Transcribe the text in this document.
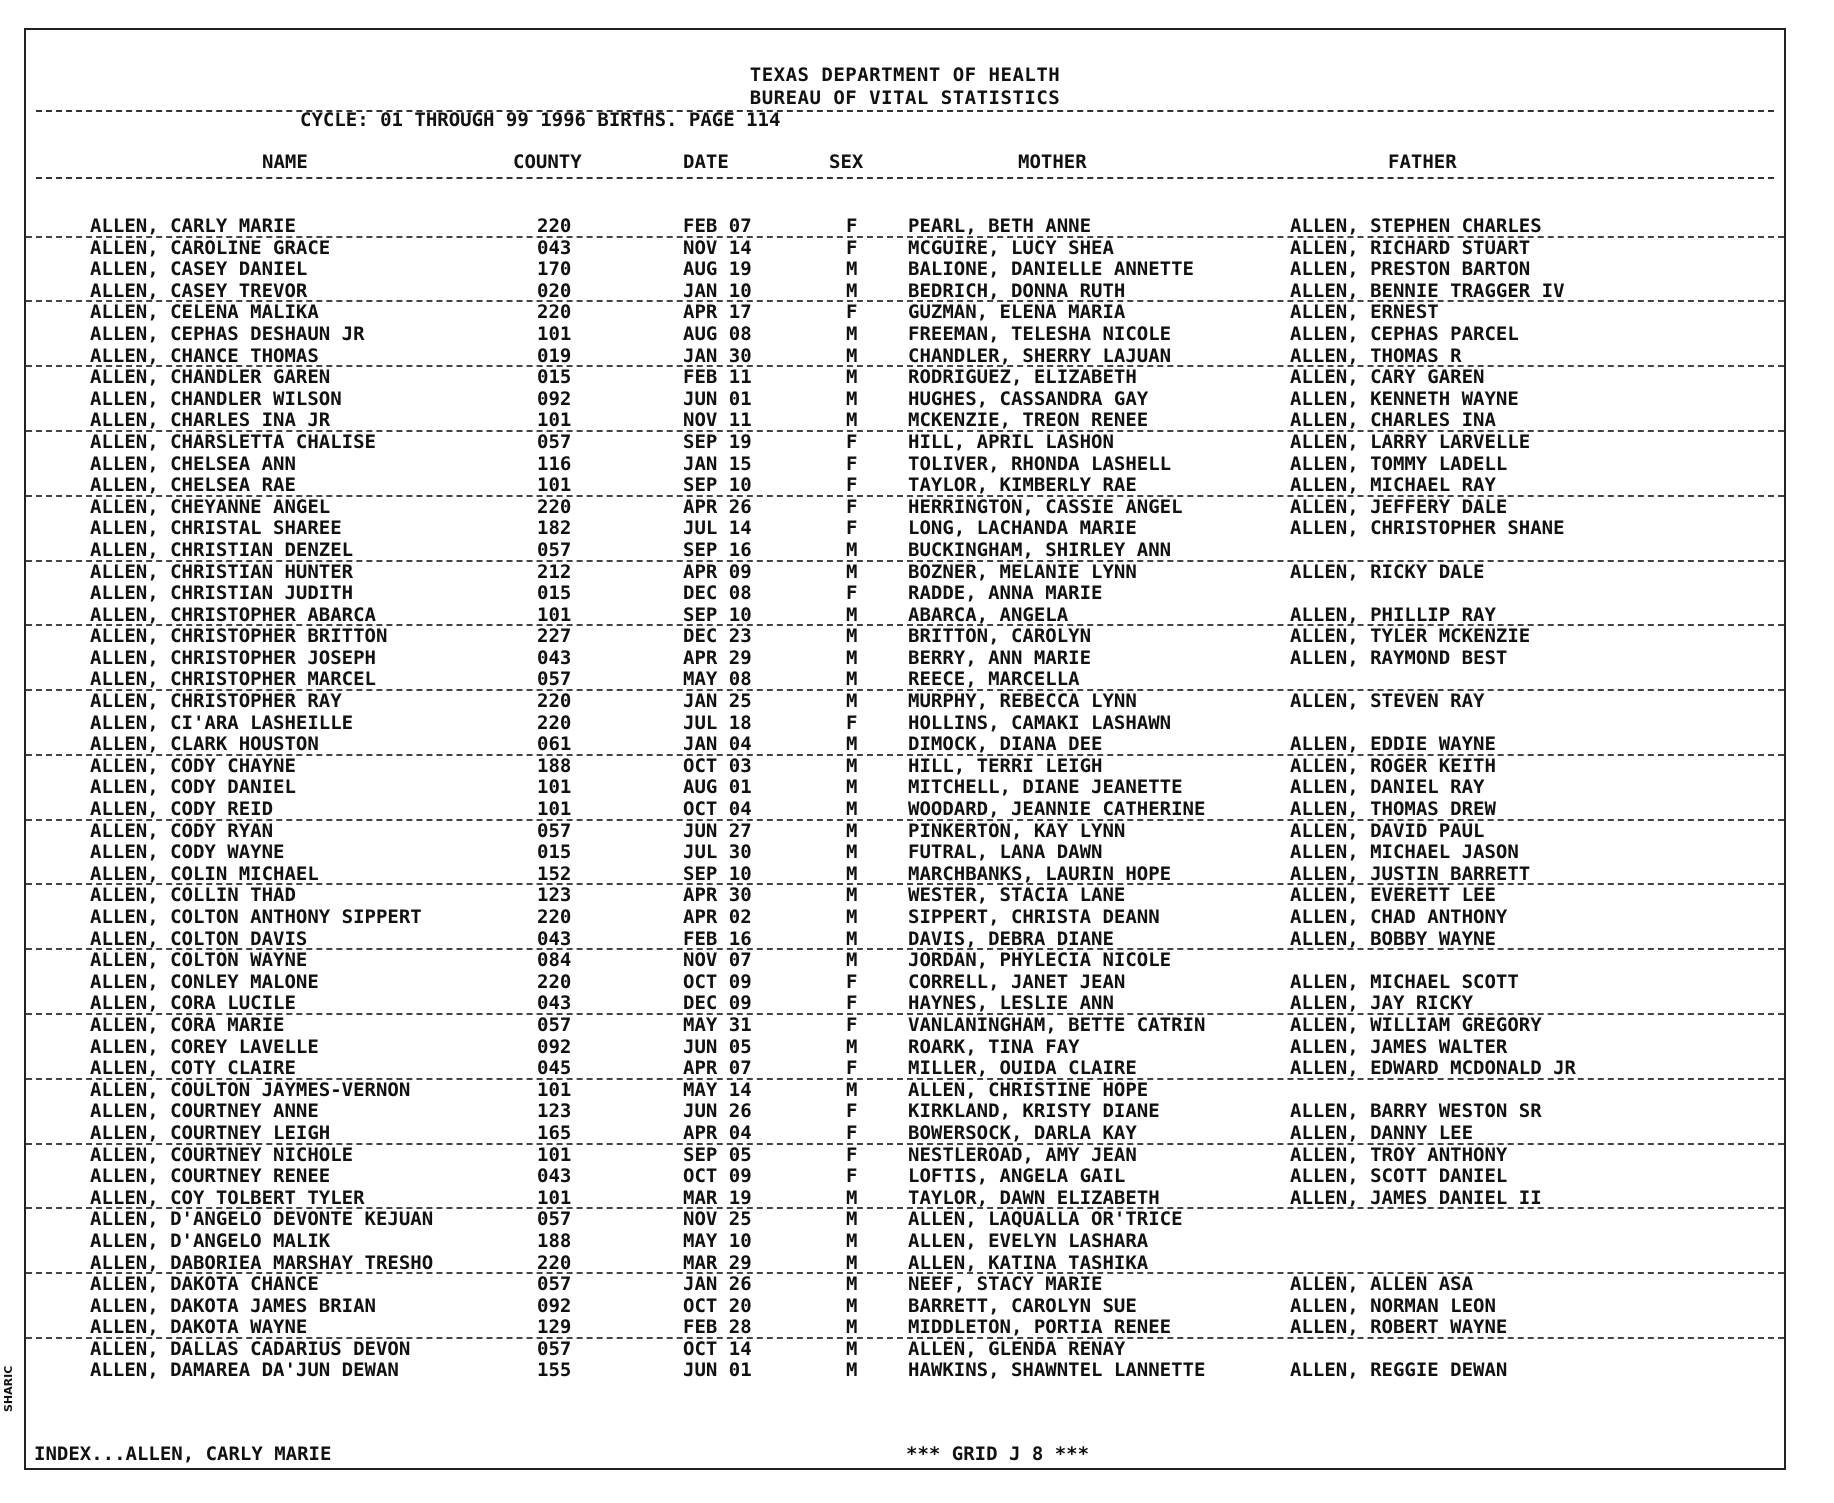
TEXAS DEPARTMENT OF HEALTH
BUREAU OF VITAL STATISTICS
CYCLE: 01 THROUGH 99 1996 BIRTHS. PAGE 114
NAME	COUNTY	DATE	SEX	MOTHER	FATHER
ALLEN, CARLY MARIE	220	FEB 07	F	PEARL, BETH ANNE	ALLEN, STEPHEN CHARLES
ALLEN, CAROLINE GRACE	043	NOV 14	F	MCGUIRE, LUCY SHEA	ALLEN, RICHARD STUART
ALLEN, CASEY DANIEL	170	AUG 19	M	BALIONE, DANIELLE ANNETTE	ALLEN, PRESTON BARTON
ALLEN, CASEY TREVOR	020	JAN 10	M	BEDRICH, DONNA RUTH	ALLEN, BENNIE TRAGGER IV
ALLEN, CELENA MALIKA	220	APR 17	F	GUZMAN, ELENA MARIA	ALLEN, ERNEST
ALLEN, CEPHAS DESHAUN JR	101	AUG 08	M	FREEMAN, TELESHA NICOLE	ALLEN, CEPHAS PARCEL
ALLEN, CHANCE THOMAS	019	JAN 30	M	CHANDLER, SHERRY LAJUAN	ALLEN, THOMAS R
ALLEN, CHANDLER GAREN	015	FEB 11	M	RODRIGUEZ, ELIZABETH	ALLEN, CARY GAREN
ALLEN, CHANDLER WILSON	092	JUN 01	M	HUGHES, CASSANDRA GAY	ALLEN, KENNETH WAYNE
ALLEN, CHARLES INA JR	101	NOV 11	M	MCKENZIE, TREON RENEE	ALLEN, CHARLES INA
ALLEN, CHARSLETTA CHALISE	057	SEP 19	F	HILL, APRIL LASHON	ALLEN, LARRY LARVELLE
ALLEN, CHELSEA ANN	116	JAN 15	F	TOLIVER, RHONDA LASHELL	ALLEN, TOMMY LADELL
ALLEN, CHELSEA RAE	101	SEP 10	F	TAYLOR, KIMBERLY RAE	ALLEN, MICHAEL RAY
ALLEN, CHEYANNE ANGEL	220	APR 26	F	HERRINGTON, CASSIE ANGEL	ALLEN, JEFFERY DALE
ALLEN, CHRISTAL SHAREE	182	JUL 14	F	LONG, LACHANDA MARIE	ALLEN, CHRISTOPHER SHANE
ALLEN, CHRISTIAN DENZEL	057	SEP 16	M	BUCKINGHAM, SHIRLEY ANN
ALLEN, CHRISTIAN HUNTER	212	APR 09	M	BOZNER, MELANIE LYNN	ALLEN, RICKY DALE
ALLEN, CHRISTIAN JUDITH	015	DEC 08	F	RADDE, ANNA MARIE
ALLEN, CHRISTOPHER ABARCA	101	SEP 10	M	ABARCA, ANGELA	ALLEN, PHILLIP RAY
ALLEN, CHRISTOPHER BRITTON	227	DEC 23	M	BRITTON, CAROLYN	ALLEN, TYLER MCKENZIE
ALLEN, CHRISTOPHER JOSEPH	043	APR 29	M	BERRY, ANN MARIE	ALLEN, RAYMOND BEST
ALLEN, CHRISTOPHER MARCEL	057	MAY 08	M	REECE, MARCELLA
ALLEN, CHRISTOPHER RAY	220	JAN 25	M	MURPHY, REBECCA LYNN	ALLEN, STEVEN RAY
ALLEN, CI'ARA LASHEILLE	220	JUL 18	F	HOLLINS, CAMAKI LASHAWN
ALLEN, CLARK HOUSTON	061	JAN 04	M	DIMOCK, DIANA DEE	ALLEN, EDDIE WAYNE
ALLEN, CODY CHAYNE	188	OCT 03	M	HILL, TERRI LEIGH	ALLEN, ROGER KEITH
ALLEN, CODY DANIEL	101	AUG 01	M	MITCHELL, DIANE JEANETTE	ALLEN, DANIEL RAY
ALLEN, CODY REID	101	OCT 04	M	WOODARD, JEANNIE CATHERINE	ALLEN, THOMAS DREW
ALLEN, CODY RYAN	057	JUN 27	M	PINKERTON, KAY LYNN	ALLEN, DAVID PAUL
ALLEN, CODY WAYNE	015	JUL 30	M	FUTRAL, LANA DAWN	ALLEN, MICHAEL JASON
ALLEN, COLIN MICHAEL	152	SEP 10	M	MARCHBANKS, LAURIN HOPE	ALLEN, JUSTIN BARRETT
ALLEN, COLLIN THAD	123	APR 30	M	WESTER, STACIA LANE	ALLEN, EVERETT LEE
ALLEN, COLTON ANTHONY SIPPERT	220	APR 02	M	SIPPERT, CHRISTA DEANN	ALLEN, CHAD ANTHONY
ALLEN, COLTON DAVIS	043	FEB 16	M	DAVIS, DEBRA DIANE	ALLEN, BOBBY WAYNE
ALLEN, COLTON WAYNE	084	NOV 07	M	JORDAN, PHYLECIA NICOLE
ALLEN, CONLEY MALONE	220	OCT 09	F	CORRELL, JANET JEAN	ALLEN, MICHAEL SCOTT
ALLEN, CORA LUCILE	043	DEC 09	F	HAYNES, LESLIE ANN	ALLEN, JAY RICKY
ALLEN, CORA MARIE	057	MAY 31	F	VANLANINGHAM, BETTE CATRIN	ALLEN, WILLIAM GREGORY
ALLEN, COREY LAVELLE	092	JUN 05	M	ROARK, TINA FAY	ALLEN, JAMES WALTER
ALLEN, COTY CLAIRE	045	APR 07	F	MILLER, OUIDA CLAIRE	ALLEN, EDWARD MCDONALD JR
ALLEN, COULTON JAYMES-VERNON	101	MAY 14	M	ALLEN, CHRISTINE HOPE
ALLEN, COURTNEY ANNE	123	JUN 26	F	KIRKLAND, KRISTY DIANE	ALLEN, BARRY WESTON SR
ALLEN, COURTNEY LEIGH	165	APR 04	F	BOWERSOCK, DARLA KAY	ALLEN, DANNY LEE
ALLEN, COURTNEY NICHOLE	101	SEP 05	F	NESTLEROAD, AMY JEAN	ALLEN, TROY ANTHONY
ALLEN, COURTNEY RENEE	043	OCT 09	F	LOFTIS, ANGELA GAIL	ALLEN, SCOTT DANIEL
ALLEN, COY TOLBERT TYLER	101	MAR 19	M	TAYLOR, DAWN ELIZABETH	ALLEN, JAMES DANIEL II
ALLEN, D'ANGELO DEVONTE KEJUAN	057	NOV 25	M	ALLEN, LAQUALLA OR'TRICE
ALLEN, D'ANGELO MALIK	188	MAY 10	M	ALLEN, EVELYN LASHARA
ALLEN, DABORIEA MARSHAY TRESHO	220	MAR 29	M	ALLEN, KATINA TASHIKA
ALLEN, DAKOTA CHANCE	057	JAN 26	M	NEEF, STACY MARIE	ALLEN, ALLEN ASA
ALLEN, DAKOTA JAMES BRIAN	092	OCT 20	M	BARRETT, CAROLYN SUE	ALLEN, NORMAN LEON
ALLEN, DAKOTA WAYNE	129	FEB 28	M	MIDDLETON, PORTIA RENEE	ALLEN, ROBERT WAYNE
ALLEN, DALLAS CADARIUS DEVON	057	OCT 14	M	ALLEN, GLENDA RENAY
ALLEN, DAMAREA DA'JUN DEWAN	155	JUN 01	M	HAWKINS, SHAWNTEL LANNETTE	ALLEN, REGGIE DEWAN
INDEX...ALLEN, CARLY MARIE	*** GRID J 8 ***
SHARIC
